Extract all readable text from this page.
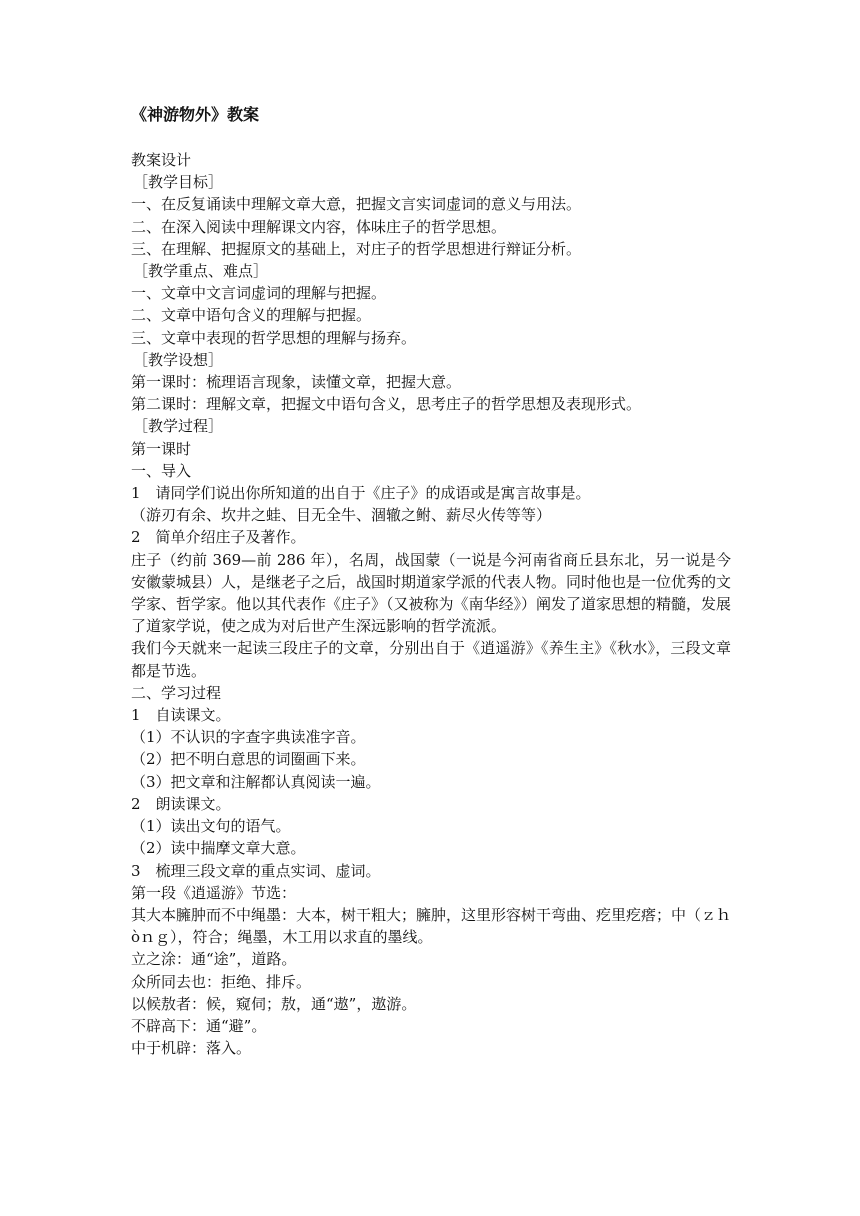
《神游物外》教案
教案设计
［教学目标］
一、在反复诵读中理解文章大意，把握文言实词虚词的意义与用法。
二、在深入阅读中理解课文内容，体味庄子的哲学思想。
三、在理解、把握原文的基础上，对庄子的哲学思想进行辩证分析。
［教学重点、难点］
一、文章中文言词虚词的理解与把握。
二、文章中语句含义的理解与把握。
三、文章中表现的哲学思想的理解与扬弃。
［教学设想］
第一课时：梳理语言现象，读懂文章，把握大意。
第二课时：理解文章，把握文中语句含义，思考庄子的哲学思想及表现形式。
［教学过程］
第一课时
一、导入
1　请同学们说出你所知道的出自于《庄子》的成语或是寓言故事是。
（游刃有余、坎井之蛙、目无全牛、涸辙之鲋、薪尽火传等等）
2　简单介绍庄子及著作。
庄子（约前 369—前 286 年），名周，战国蒙（一说是今河南省商丘县东北，另一说是今安徽蒙城县）人，是继老子之后，战国时期道家学派的代表人物。同时他也是一位优秀的文学家、哲学家。他以其代表作《庄子》（又被称为《南华经》）阐发了道家思想的精髓，发展了道家学说，使之成为对后世产生深远影响的哲学流派。
我们今天就来一起读三段庄子的文章，分别出自于《逍遥游》《养生主》《秋水》，三段文章都是节选。
二、学习过程
1　自读课文。
（1）不认识的字查字典读准字音。
（2）把不明白意思的词圈画下来。
（3）把文章和注解都认真阅读一遍。
2　朗读课文。
（1）读出文句的语气。
（2）读中揣摩文章大意。
3　梳理三段文章的重点实词、虚词。
第一段《逍遥游》节选：
其大本臃肿而不中绳墨：大本，树干粗大；臃肿，这里形容树干弯曲、疙里疙瘩；中（ｚｈòｎｇ），符合；绳墨，木工用以求直的墨线。
立之涂：通“途”，道路。
众所同去也：拒绝、排斥。
以候敖者：候，窥伺；敖，通“遨”，遨游。
不辟高下：通“避”。
中于机辟：落入。
